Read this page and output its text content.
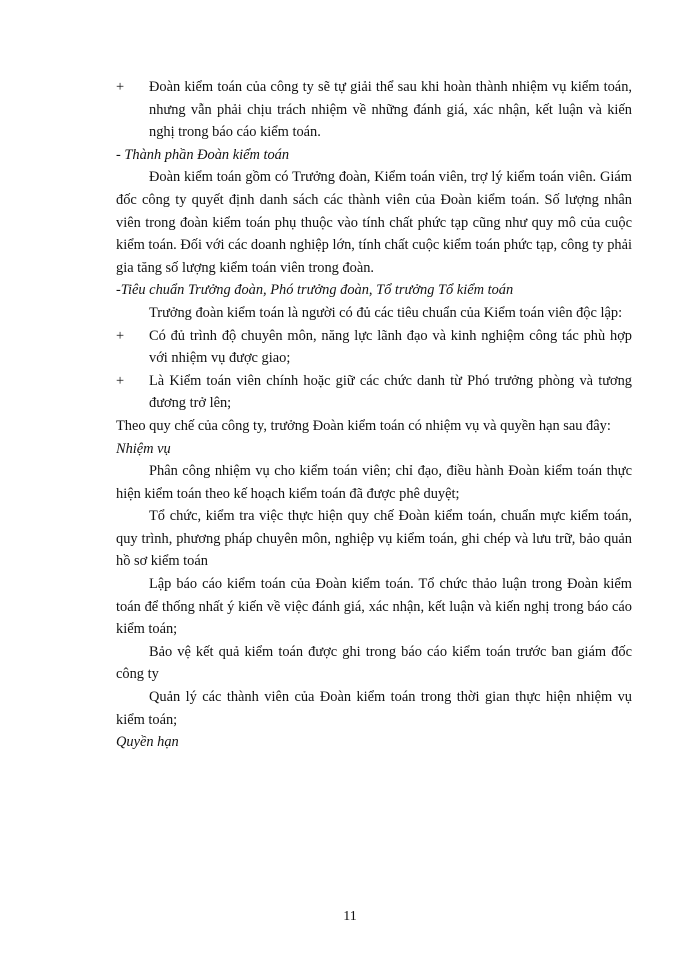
+	Đoàn kiểm toán của công ty sẽ tự giải thể sau khi hoàn thành nhiệm vụ kiểm toán, nhưng vẫn phải chịu trách nhiệm về những đánh giá, xác nhận, kết luận và kiến nghị trong báo cáo kiểm toán.

- Thành phần Đoàn kiểm toán

Đoàn kiểm toán gồm có Trưởng đoàn, Kiểm toán viên, trợ lý kiểm toán viên. Giám đốc công ty quyết định danh sách các thành viên của Đoàn kiểm toán. Số lượng nhân viên trong đoàn kiểm toán phụ thuộc vào tính chất phức tạp cũng như quy mô của cuộc kiểm toán. Đối với các doanh nghiệp lớn, tính chất cuộc kiểm toán phức tạp, công ty phải gia tăng số lượng kiểm toán viên trong đoàn.

-Tiêu chuẩn Trưởng đoàn, Phó trưởng đoàn, Tổ trưởng Tổ kiểm toán

Trưởng đoàn kiểm toán là người có đủ các tiêu chuẩn của Kiểm toán viên độc lập:

+	Có đủ trình độ chuyên môn, năng lực lãnh đạo và kinh nghiệm công tác phù hợp với nhiệm vụ được giao;
+	Là Kiểm toán viên chính hoặc giữ các chức danh từ Phó trưởng phòng và tương đương trở lên;

Theo quy chế của công ty, trưởng Đoàn kiểm toán có nhiệm vụ và quyền hạn sau đây:

Nhiệm vụ

Phân công nhiệm vụ cho kiểm toán viên; chỉ đạo, điều hành Đoàn kiểm toán thực hiện kiểm toán theo kế hoạch kiểm toán đã được phê duyệt;

Tổ chức, kiểm tra việc thực hiện quy chế Đoàn kiểm toán, chuẩn mực kiểm toán, quy trình, phương pháp chuyên môn, nghiệp vụ kiểm toán, ghi chép và lưu trữ, bảo quản hồ sơ kiểm toán

Lập báo cáo kiểm toán của Đoàn kiểm toán. Tổ chức thảo luận trong Đoàn kiểm toán để thống nhất ý kiến về việc đánh giá, xác nhận, kết luận và kiến nghị trong báo cáo kiểm toán;

Bảo vệ kết quả kiểm toán được ghi trong báo cáo kiểm toán trước ban giám đốc công ty

Quản lý các thành viên của Đoàn kiểm toán trong thời gian thực hiện nhiệm vụ kiểm toán;

Quyền hạn

11
